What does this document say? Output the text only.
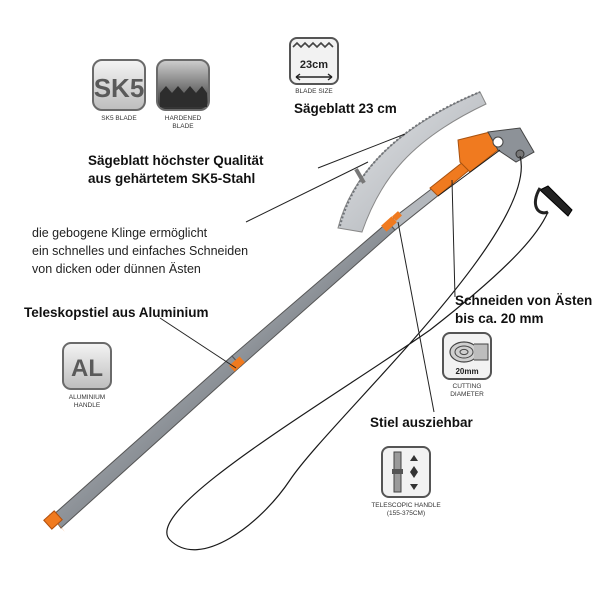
SK5
23cm
AL	20mm
SK5 BLADE	HARDENED
BLADE
BLADE SIZE
ALUMINIUM
HANDLE
CUTTING
DIAMETER
TELESCOPIC HANDLE
(155-375CM)
Sägeblatt 23 cm
Sägeblatt höchster Qualität
aus gehärtetem SK5-Stahl
die gebogene Klinge ermöglicht
ein schnelles und einfaches Schneiden
von dicken oder dünnen Ästen
Teleskopstiel aus Aluminium
Schneiden von Ästen
bis ca. 20 mm
Stiel ausziehbar
